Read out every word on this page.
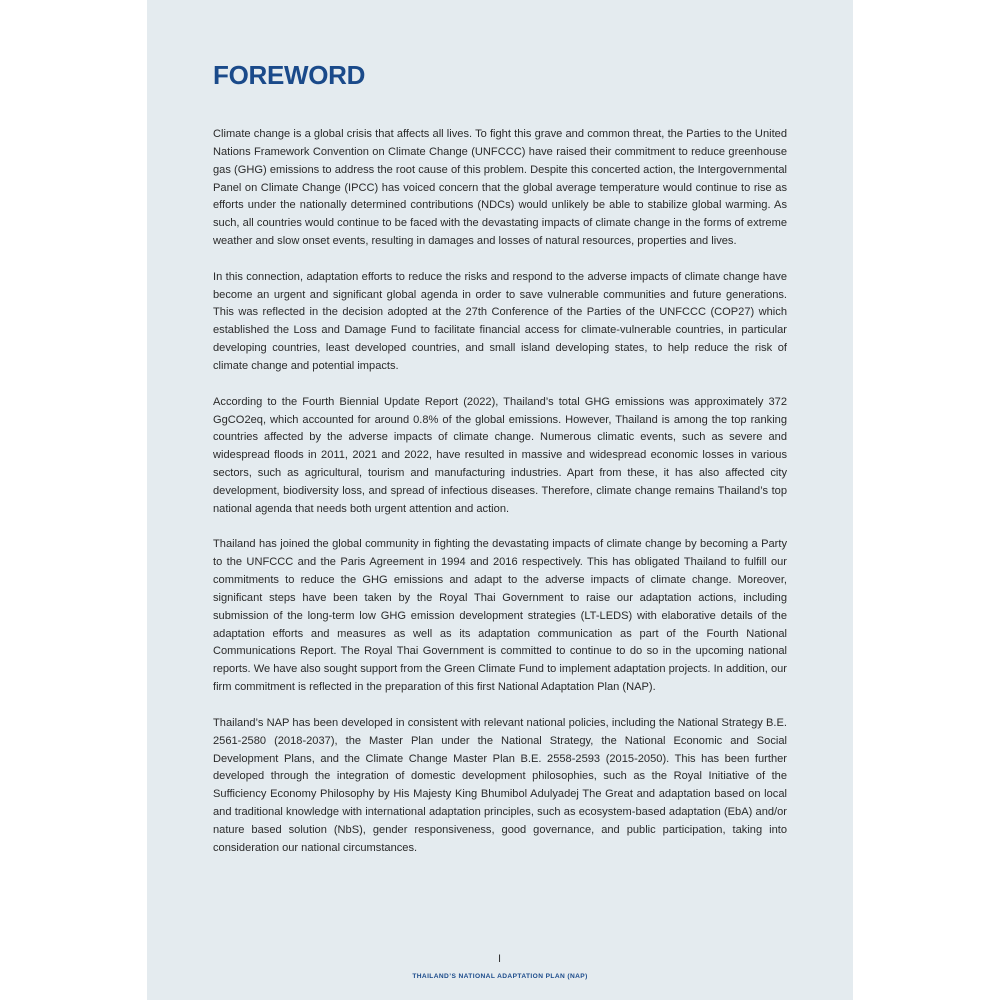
FOREWORD

Climate change is a global crisis that affects all lives. To fight this grave and common threat, the Parties to the United Nations Framework Convention on Climate Change (UNFCCC) have raised their commitment to reduce greenhouse gas (GHG) emissions to address the root cause of this problem. Despite this concerted action, the Intergovernmental Panel on Climate Change (IPCC) has voiced concern that the global average temperature would continue to rise as efforts under the nationally determined contributions (NDCs) would unlikely be able to stabilize global warming. As such, all countries would continue to be faced with the devastating impacts of climate change in the forms of extreme weather and slow onset events, resulting in damages and losses of natural resources, properties and lives.

In this connection, adaptation efforts to reduce the risks and respond to the adverse impacts of climate change have become an urgent and significant global agenda in order to save vulnerable communities and future generations. This was reflected in the decision adopted at the 27th Conference of the Parties of the UNFCCC (COP27) which established the Loss and Damage Fund to facilitate financial access for climate-vulnerable countries, in particular developing countries, least developed countries, and small island developing states, to help reduce the risk of climate change and potential impacts.

According to the Fourth Biennial Update Report (2022), Thailand’s total GHG emissions was approximately 372 GgCO2eq, which accounted for around 0.8% of the global emissions. However, Thailand is among the top ranking countries affected by the adverse impacts of climate change. Numerous climatic events, such as severe and widespread floods in 2011, 2021 and 2022, have resulted in massive and widespread economic losses in various sectors, such as agricultural, tourism and manufacturing industries. Apart from these, it has also affected city development, biodiversity loss, and spread of infectious diseases. Therefore, climate change remains Thailand’s top national agenda that needs both urgent attention and action.

Thailand has joined the global community in fighting the devastating impacts of climate change by becoming a Party to the UNFCCC and the Paris Agreement in 1994 and 2016 respectively. This has obligated Thailand to fulfill our commitments to reduce the GHG emissions and adapt to the adverse impacts of climate change. Moreover, significant steps have been taken by the Royal Thai Government to raise our adaptation actions, including submission of the long-term low GHG emission development strategies (LT-LEDS) with elaborative details of the adaptation efforts and measures as well as its adaptation communication as part of the Fourth National Communications Report. The Royal Thai Government is committed to continue to do so in the upcoming national reports. We have also sought support from the Green Climate Fund to implement adaptation projects. In addition, our firm commitment is reflected in the preparation of this first National Adaptation Plan (NAP).

Thailand’s NAP has been developed in consistent with relevant national policies, including the National Strategy B.E. 2561-2580 (2018-2037), the Master Plan under the National Strategy, the National Economic and Social Development Plans, and the Climate Change Master Plan B.E. 2558-2593 (2015-2050). This has been further developed through the integration of domestic development philosophies, such as the Royal Initiative of the Sufficiency Economy Philosophy by His Majesty King Bhumibol Adulyadej The Great and adaptation based on local and traditional knowledge with international adaptation principles, such as ecosystem-based adaptation (EbA) and/or nature based solution (NbS), gender responsiveness, good governance, and public participation, taking into consideration our national circumstances.

I
THAILAND’S NATIONAL ADAPTATION PLAN (NAP)
